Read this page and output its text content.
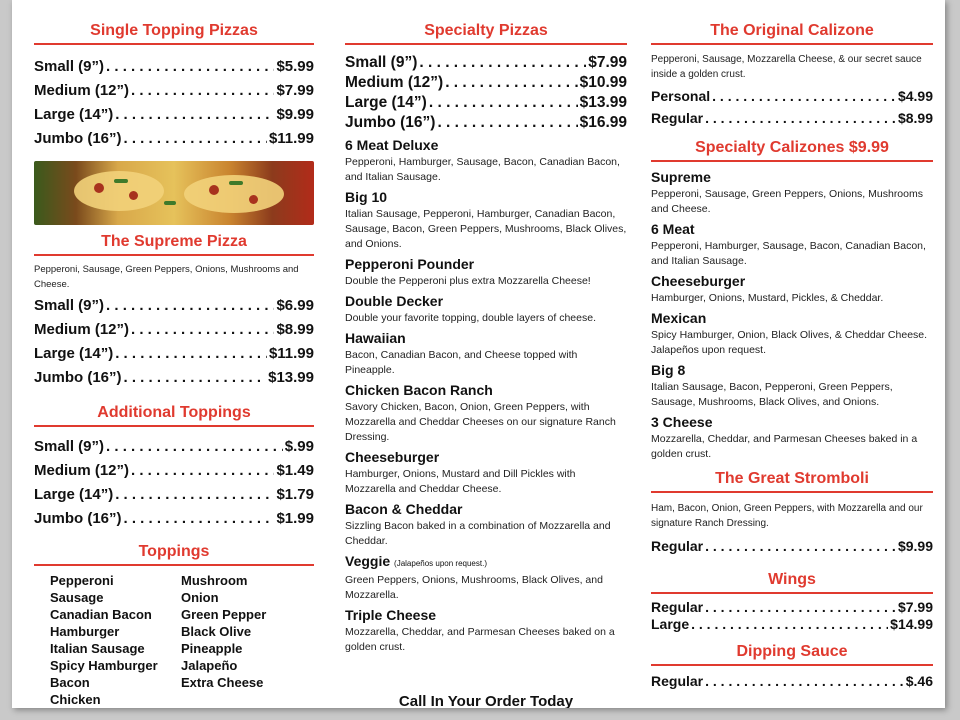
Single Topping Pizzas
Small (9”) . . .	$5.99
Medium (12”) . . .	$7.99
Large (14”) . . .	$9.99
Jumbo (16”) . . .	$11.99
The Supreme Pizza
Pepperoni, Sausage, Green Peppers, Onions, Mushrooms and Cheese.
Small (9”) . . .	$6.99
Medium (12”) . . .	$8.99
Large (14”) . . .	$11.99
Jumbo (16”) . . .	$13.99
Additional Toppings
Small (9”) . . .	$.99
Medium (12”) . . .	$1.49
Large (14”) . . .	$1.79
Jumbo (16”) . . .	$1.99
Toppings
Pepperoni
Sausage
Canadian Bacon
Hamburger
Italian Sausage
Spicy Hamburger
Bacon
Chicken
Mushroom
Onion
Green Pepper
Black Olive
Pineapple
Jalapeño
Extra Cheese
Specialty Pizzas
Small (9”) . . .	$7.99
Medium (12”) . . .	$10.99
Large (14”) . . .	$13.99
Jumbo (16”) . . .	$16.99
6 Meat Deluxe
Pepperoni, Hamburger, Sausage, Bacon, Canadian Bacon, and Italian Sausage.
Big 10
Italian Sausage, Pepperoni, Hamburger, Canadian Bacon, Sausage, Bacon, Green Peppers, Mushrooms, Black Olives, and Onions.
Pepperoni Pounder
Double the Pepperoni plus extra Mozzarella Cheese!
Double Decker
Double your favorite topping, double layers of cheese.
Hawaiian
Bacon, Canadian Bacon, and Cheese topped with Pineapple.
Chicken Bacon Ranch
Savory Chicken, Bacon, Onion, Green Peppers, with Mozzarella and Cheddar Cheeses on our signature Ranch Dressing.
Cheeseburger
Hamburger, Onions, Mustard and Dill Pickles with Mozzarella and Cheddar Cheese.
Bacon & Cheddar
Sizzling Bacon baked in a combination of Mozzarella and Cheddar.
Veggie (Jalapeños upon request.)
Green Peppers, Onions, Mushrooms, Black Olives, and Mozzarella.
Triple Cheese
Mozzarella, Cheddar, and Parmesan Cheeses baked on a golden crust.
Call In Your Order Today
The Original Calizone
Pepperoni, Sausage, Mozzarella Cheese, & our secret sauce inside a golden crust.
Personal . . .	$4.99
Regular . . .	$8.99
Specialty Calizones $9.99
Supreme
Pepperoni, Sausage, Green Peppers, Onions, Mushrooms and Cheese.
6 Meat
Pepperoni, Hamburger, Sausage, Bacon, Canadian Bacon, and Italian Sausage.
Cheeseburger
Hamburger, Onions, Mustard, Pickles, & Cheddar.
Mexican
Spicy Hamburger, Onion, Black Olives, & Cheddar Cheese. Jalapeños upon request.
Big 8
Italian Sausage, Bacon, Pepperoni, Green Peppers, Sausage, Mushrooms, Black Olives, and Onions.
3 Cheese
Mozzarella, Cheddar, and Parmesan Cheeses baked in a golden crust.
The Great Stromboli
Ham, Bacon, Onion, Green Peppers, with Mozzarella and our signature Ranch Dressing.
Regular . . .	$9.99
Wings
Regular . . .	$7.99
Large . . .	$14.99
Dipping Sauce
Regular . . .	$.46
